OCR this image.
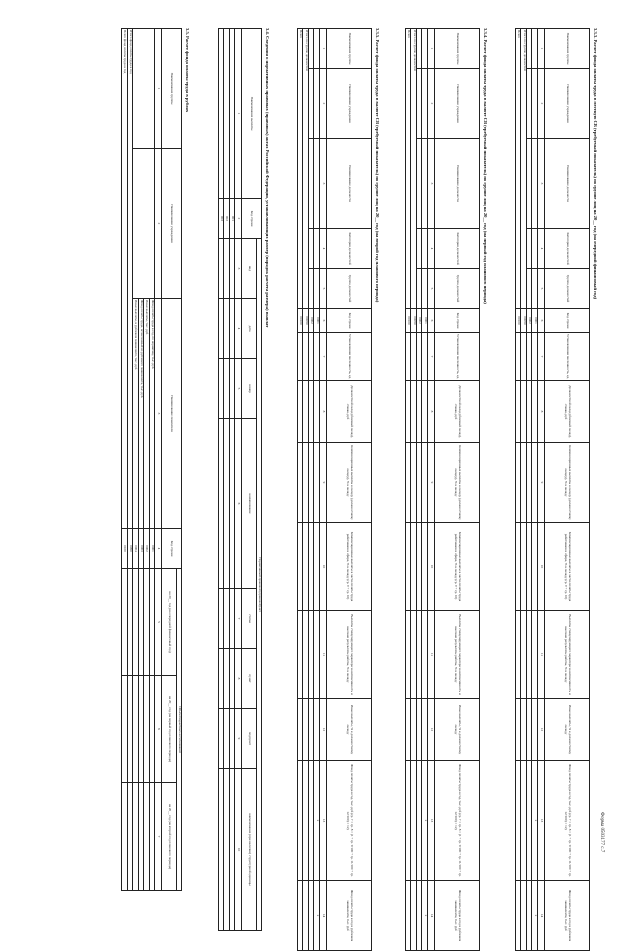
Форма 0503177 с.7
3.3.3. Расчет фонда оплаты труда в местную СВ (требуемый показатель) по группе лиц на 20__ год (на очередной финансовый год)
Наименование группы	Наименование учреждения	Наименование должности	Категория должностей	Группа должностей	Код строки	Установленная численность, ед.	Должностной оклад (базовый оклад), ставка, руб	Компенсационные выплаты к окладу (должностному окладу), % к окладу	Компенсационные выплаты в части оплаты труда работников в сфере, % к окладу (гр. 9 + гр. 10)	Выплаты стимулирующего характера за интенсивность и высокие результаты работы, % к окладу	Иные выплаты, % к должностному окладу	Фонд оплаты труда в год, тыс. руб (гр. 7 × гр. 8 × (1 + гр. 9/100 + гр. 11/100 + гр. 12/100) × 12)	Фонд оплаты труда в год в рублевом эквиваленте, тыс. руб	
1	2	3	4	5	6	7	8	9	10	11	12	13	14	
					0001							x	x	
					0002									
Итого по группе должностей					00090									
Всего					00100									
3.3.4. Расчет фонда оплаты труда в валюте СВ (требуемый показатель) по группе лиц на 20__ год (на первый год планового периода)
Наименование группы	Наименование учреждения	Наименование должности	Категория должностей	Группа должностей	Код строки	Установленная численность, ед.	Должностной оклад (базовый оклад), ставка, руб	Компенсационные выплаты к окладу (должностному окладу), % к окладу	Компенсационные выплаты в части оплаты труда работников в сфере, % к окладу (гр. 9 + гр. 10)	Выплаты стимулирующего характера за интенсивность и высокие результаты работы, % к окладу	Иные выплаты, % к должностному окладу	Фонд оплаты труда в год, тыс. руб (гр. 7 × гр. 8 × (1 + гр. 9/100 + гр. 11/100 + гр. 12/100) × 12)	Фонд оплаты труда в год в рублевом эквиваленте, тыс. руб	
1	2	3	4	5	6	7	8	9	10	11	12	13	14	
					0001							x	x	
					0002									
Итого по группе должностей					00090									
Всего					00100									
3.3.5. Расчет фонда оплаты труда в валюте СВ (требуемый показатель) по группе лиц на 20__ год (на второй год планового периода)
Наименование группы	Наименование учреждения	Наименование должности	Категория должностей	Группа должностей	Код строки	Установленная численность, ед.	Должностной оклад (базовый оклад), ставка, руб	Компенсационные выплаты к окладу (должностному окладу), % к окладу	Компенсационные выплаты в части оплаты труда работников в сфере, % к окладу (гр. 9 + гр. 10)	Выплаты стимулирующего характера за интенсивность и высокие результаты работы, % к окладу	Иные выплаты, % к должностному окладу	Фонд оплаты труда в год, тыс. руб (гр. 7 × гр. 8 × (1 + гр. 9/100 + гр. 11/100 + гр. 12/100) × 12)	Фонд оплаты труда в год в рублевом эквиваленте, тыс. руб	
1	2	3	4	5	6	7	8	9	10	11	12	13	14	
					0001							x	x	
					0002									
Итого по группе должностей					00090									
Всего					00100									
3.4. Сведения о нормативных правовых (правовых) актах Российской Федерации, устанавливающих размер (порядок расчета размера) выплат
Наименование выплаты	Код строки	Нормативный правовой (правовой) акт							
		вид	дата	номер	наименование	статья	пункт	подпункт	наименование (при наличии) структурной единицы
1	2	3	4	5	6	7	8	9	10
	001								
	002								
	003								
3.5. Расчет фонда оплаты труда в рублях
Наименование группы	Наименование учреждения	Наименование показателя	Код строки	Объем бюджетных ассигнований		
				на 20__ год (на очередной финансовый год)	на 20__ год (на первый год планового периода)	на 20__ год (на второй год планового периода)
1	2	3	4	5	6	7
		Фонд оплаты труда в год, по нормативу, тыс. руб.	0001			
		Иные выплаты, тыс. руб.	0002			
		Фонд оплаты труда, исчисленный из рублевого эквивалента, тыс. руб.	0003			
		Иные выплаты, в рублевом эквиваленте, тыс. руб.	0004			
Итого фонд оплаты труда в год			0090			
Всего фонд оплаты труда в год			0100			
